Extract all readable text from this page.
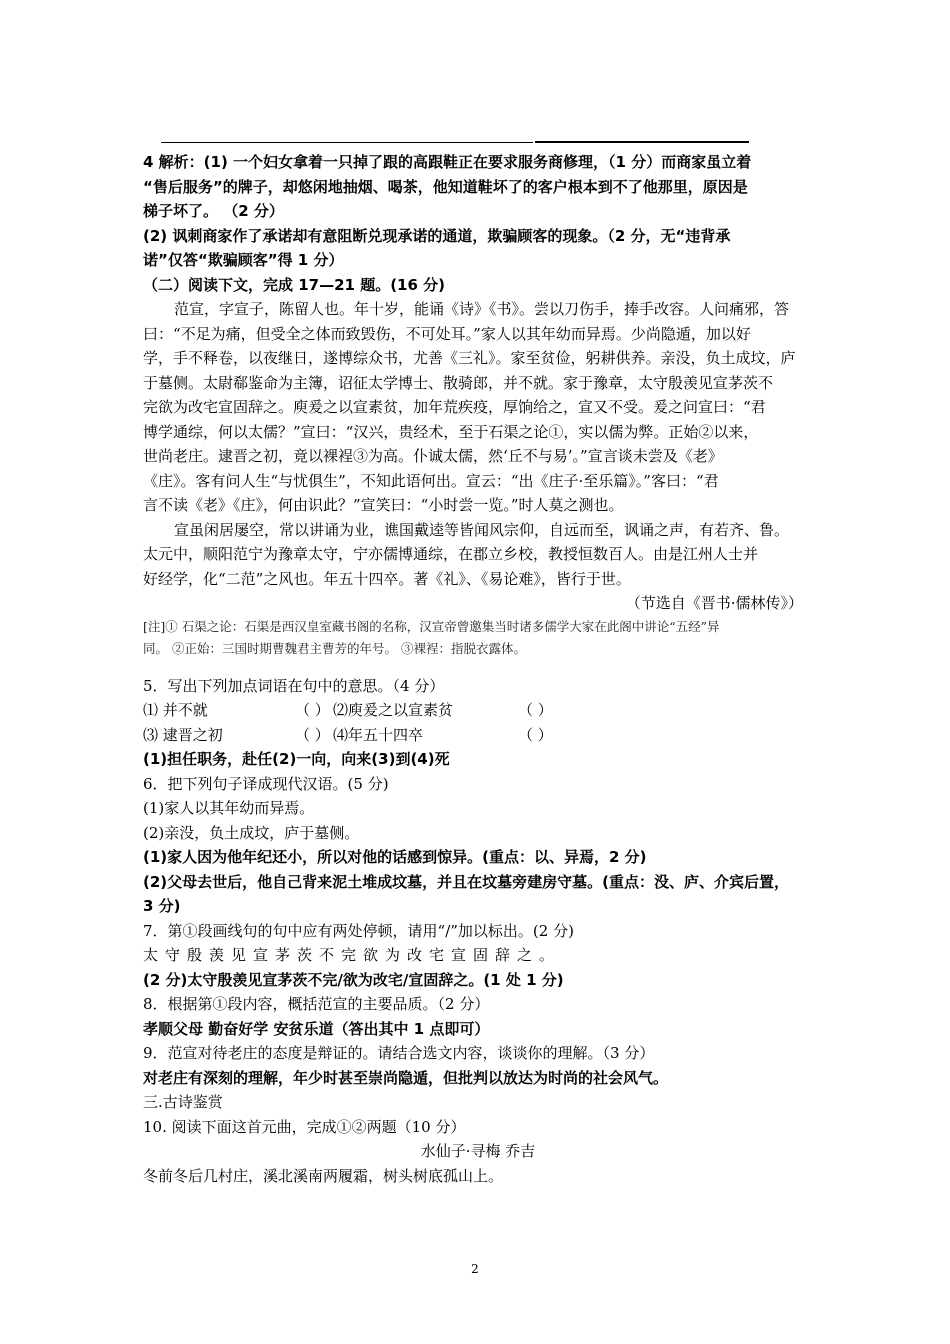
4 解析：(1) 一个妇女拿着一只掉了跟的高跟鞋正在要求服务商修理，（1 分）而商家虽立着
“售后服务”的牌子，却悠闲地抽烟、喝茶，他知道鞋坏了的客户根本到不了他那里，原因是
梯子坏了。 （2 分）
(2) 讽刺商家作了承诺却有意阻断兑现承诺的通道，欺骗顾客的现象。（2 分，无“违背承
诺”仅答“欺骗顾客”得 1 分）
（二）阅读下文，完成 17—21 题。(16 分)
范宣，字宣子，陈留人也。年十岁，能诵《诗》《书》。尝以刀伤手，捧手改容。人问痛邪，答
曰：“不足为痛，但受全之体而致毁伤，不可处耳。”家人以其年幼而异焉。少尚隐遁，加以好
学，手不释卷，以夜继日，遂博综众书，尤善《三礼》。家至贫俭，躬耕供养。亲没，负土成坟，庐
于墓侧。太尉郗鉴命为主簿，诏征太学博士、散骑郎，并不就。家于豫章，太守殷羡见宣茅茨不
完欲为改宅宣固辞之。庾爰之以宣素贫，加年荒疾疫，厚饷给之，宣又不受。爰之问宣曰：“君
博学通综，何以太儒？”宣曰：“汉兴，贵经术，至于石渠之论①，实以儒为弊。正始②以来，
世尚老庄。逮晋之初，竟以裸裎③为高。仆诚太儒，然‘丘不与易’。”宣言谈未尝及《老》
《庄》。客有问人生“与忧俱生”，不知此语何出。宣云：“出《庄子·至乐篇》。”客曰：“君
言不读《老》《庄》，何由识此？”宣笑曰：“小时尝一览。”时人莫之测也。
宣虽闲居屡空，常以讲诵为业，谯国戴逵等皆闻风宗仰，自远而至，讽诵之声，有若齐、鲁。
太元中，顺阳范宁为豫章太守，宁亦儒博通综，在郡立乡校，教授恒数百人。由是江州人士并
好经学，化“二范”之风也。年五十四卒。著《礼》、《易论难》，皆行于世。
（节选自《晋书·儒林传》）
[注]① 石渠之论：石渠是西汉皇室藏书阁的名称，汉宣帝曾邀集当时诸多儒学大家在此阁中讲论“五经”异
同。 ②正始：三国时期曹魏君主曹芳的年号。 ③裸裎：指脱衣露体。
5．写出下列加点词语在句中的意思。（4 分）
⑴ 并不就	（ ） ⑵庾爰之以宣素贫	（ ）
⑶ 逮晋之初	（ ） ⑷年五十四卒	（ ）
(1)担任职务，赴任(2)一向，向来(3)到(4)死
6．把下列句子译成现代汉语。(5 分)
(1)家人以其年幼而异焉。
(2)亲没，负土成坟，庐于墓侧。
(1)家人因为他年纪还小，所以对他的话感到惊异。(重点：以、异焉，2 分)
(2)父母去世后，他自己背来泥土堆成坟墓，并且在坟墓旁建房守墓。(重点：没、庐、介宾后置，
3 分)
7．第①段画线句的句中应有两处停顿，请用“/”加以标出。(2 分)
太守殷羡见宣茅茨不完欲为改宅宣固辞之。
(2 分)太守殷羡见宣茅茨不完/欲为改宅/宣固辞之。(1 处 1 分)
8．根据第①段内容，概括范宣的主要品质。（2 分）
孝顺父母 勤奋好学 安贫乐道（答出其中 1 点即可）
9．范宣对待老庄的态度是辩证的。请结合选文内容，谈谈你的理解。（3 分）
对老庄有深刻的理解，年少时甚至崇尚隐遁，但批判以放达为时尚的社会风气。
三.古诗鉴赏
10. 阅读下面这首元曲，完成①②两题（10 分）
水仙子·寻梅 乔吉
冬前冬后几村庄，溪北溪南两履霜，树头树底孤山上。
2
